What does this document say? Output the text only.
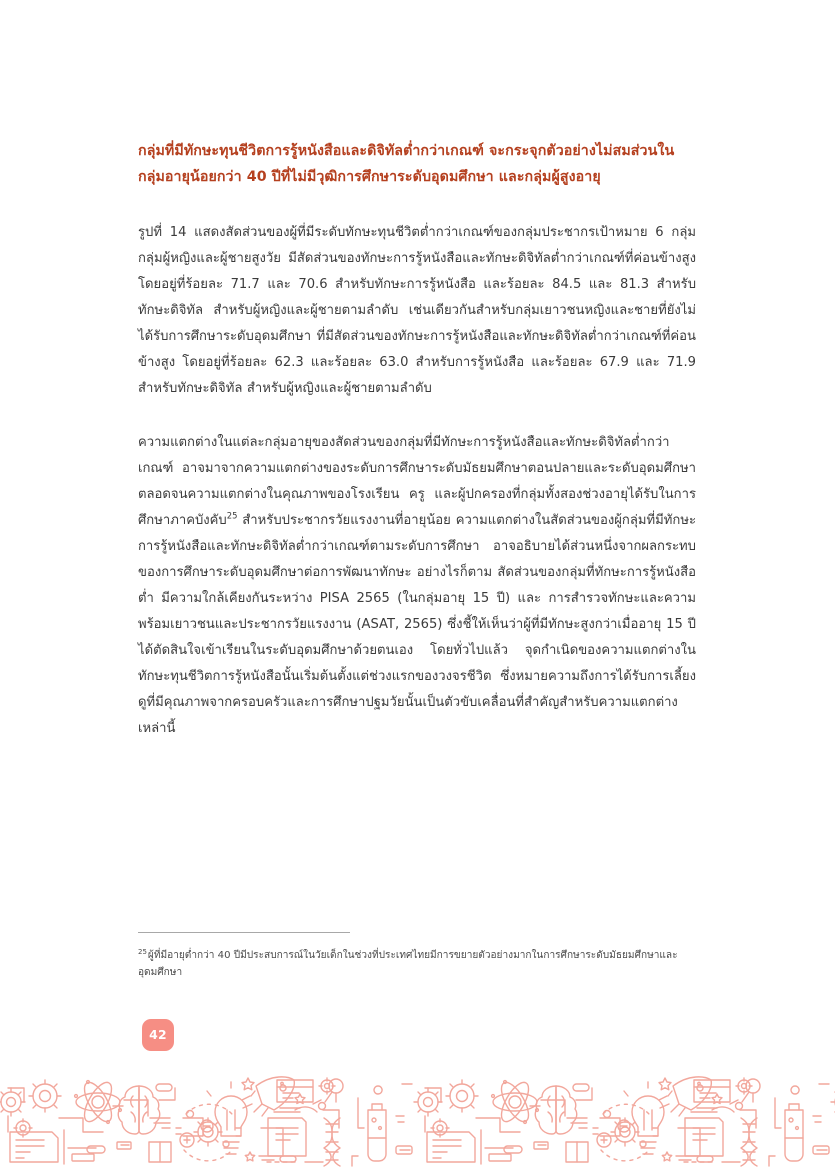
กลุ่มที่มีทักษะทุนชีวิตการรู้หนังสือและดิจิทัลต่ำกว่าเกณฑ์ จะกระจุกตัวอย่างไม่สมส่วนในกลุ่มอายุน้อยกว่า 40 ปีที่ไม่มีวุฒิการศึกษาระดับอุดมศึกษา และกลุ่มผู้สูงอายุ

รูปที่ 14 แสดงสัดส่วนของผู้ที่มีระดับทักษะทุนชีวิตต่ำกว่าเกณฑ์ของกลุ่มประชากรเป้าหมาย 6 กลุ่ม กลุ่มผู้หญิงและผู้ชายสูงวัย มีสัดส่วนของทักษะการรู้หนังสือและทักษะดิจิทัลต่ำกว่าเกณฑ์ที่ค่อนข้างสูง โดยอยู่ที่ร้อยละ 71.7 และ 70.6 สำหรับทักษะการรู้หนังสือ และร้อยละ 84.5 และ 81.3 สำหรับทักษะดิจิทัล สำหรับผู้หญิงและผู้ชายตามลำดับ เช่นเดียวกันสำหรับกลุ่มเยาวชนหญิงและชายที่ยังไม่ได้รับการศึกษาระดับอุดมศึกษา ที่มีสัดส่วนของทักษะการรู้หนังสือและทักษะดิจิทัลต่ำกว่าเกณฑ์ที่ค่อนข้างสูง โดยอยู่ที่ร้อยละ 62.3 และร้อยละ 63.0 สำหรับการรู้หนังสือ และร้อยละ 67.9 และ 71.9 สำหรับทักษะดิจิทัล สำหรับผู้หญิงและผู้ชายตามลำดับ

ความแตกต่างในแต่ละกลุ่มอายุของสัดส่วนของกลุ่มที่มีทักษะการรู้หนังสือและทักษะดิจิทัลต่ำกว่าเกณฑ์ อาจมาจากความแตกต่างของระดับการศึกษาระดับมัธยมศึกษาตอนปลายและระดับอุดมศึกษา ตลอดจนความแตกต่างในคุณภาพของโรงเรียน ครู และผู้ปกครองที่กลุ่มทั้งสองช่วงอายุได้รับในการศึกษาภาคบังคับ$^{25}$ สำหรับประชากรวัยแรงงานที่อายุน้อย ความแตกต่างในสัดส่วนของผู้กลุ่มที่มีทักษะการรู้หนังสือและทักษะดิจิทัลต่ำกว่าเกณฑ์ตามระดับการศึกษา อาจอธิบายได้ส่วนหนึ่งจากผลกระทบของการศึกษาระดับอุดมศึกษาต่อการพัฒนาทักษะ อย่างไรก็ตาม สัดส่วนของกลุ่มที่ทักษะการรู้หนังสือต่ำ มีความใกล้เคียงกันระหว่าง PISA 2565 (ในกลุ่มอายุ 15 ปี) และ การสำรวจทักษะและความพร้อมเยาวชนและประชากรวัยแรงงาน (ASAT, 2565) ซึ่งชี้ให้เห็นว่าผู้ที่มีทักษะสูงกว่าเมื่ออายุ 15 ปี ได้ตัดสินใจเข้าเรียนในระดับอุดมศึกษาด้วยตนเอง โดยทั่วไปแล้ว จุดกำเนิดของความแตกต่างในทักษะทุนชีวิตการรู้หนังสือนั้นเริ่มต้นตั้งแต่ช่วงแรกของวงจรชีวิต ซึ่งหมายความถึงการได้รับการเลี้ยงดูที่มีคุณภาพจากครอบครัวและการศึกษาปฐมวัยนั้นเป็นตัวขับเคลื่อนที่สำคัญสำหรับความแตกต่างเหล่านี้

$^{25}$ผู้ที่มีอายุต่ำกว่า 40 ปีมีประสบการณ์ในวัยเด็กในช่วงที่ประเทศไทยมีการขยายตัวอย่างมากในการศึกษาระดับมัธยมศึกษาและอุดมศึกษา

42
